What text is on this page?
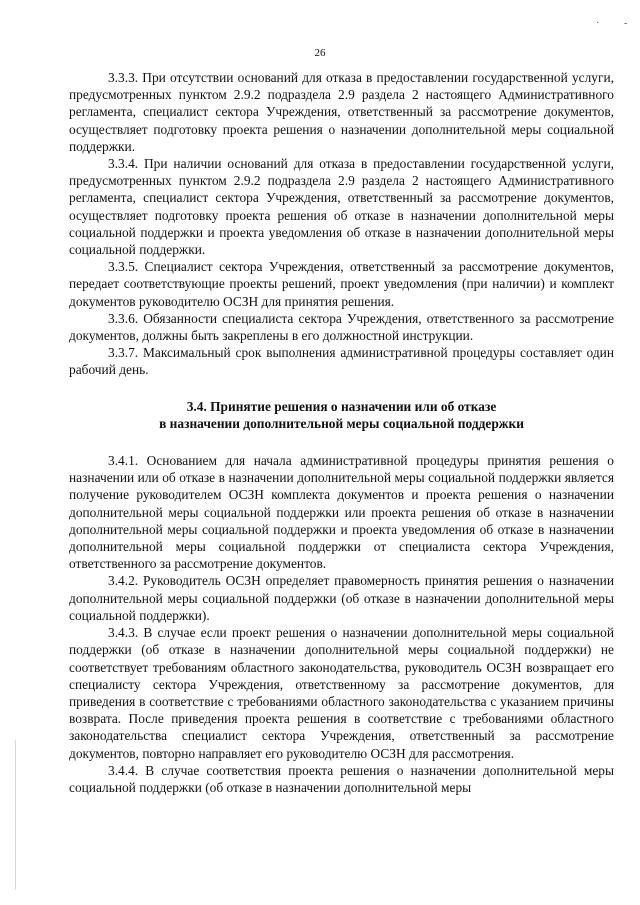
· -
26

3.3.3. При отсутствии оснований для отказа в предоставлении государственной услуги, предусмотренных пунктом 2.9.2 подраздела 2.9 раздела 2 настоящего Административного регламента, специалист сектора Учреждения, ответственный за рассмотрение документов, осуществляет подготовку проекта решения о назначении дополнительной меры социальной поддержки.

3.3.4. При наличии оснований для отказа в предоставлении государственной услуги, предусмотренных пунктом 2.9.2 подраздела 2.9 раздела 2 настоящего Административного регламента, специалист сектора Учреждения, ответственный за рассмотрение документов, осуществляет подготовку проекта решения об отказе в назначении дополнительной меры социальной поддержки и проекта уведомления об отказе в назначении дополнительной меры социальной поддержки.

3.3.5. Специалист сектора Учреждения, ответственный за рассмотрение документов, передает соответствующие проекты решений, проект уведомления (при наличии) и комплект документов руководителю ОСЗН для принятия решения.

3.3.6. Обязанности специалиста сектора Учреждения, ответственного за рассмотрение документов, должны быть закреплены в его должностной инструкции.

3.3.7. Максимальный срок выполнения административной процедуры составляет один рабочий день.

3.4. Принятие решения о назначении или об отказе
в назначении дополнительной меры социальной поддержки

3.4.1. Основанием для начала административной процедуры принятия решения о назначении или об отказе в назначении дополнительной меры социальной поддержки является получение руководителем ОСЗН комплекта документов и проекта решения о назначении дополнительной меры социальной поддержки или проекта решения об отказе в назначении дополнительной меры социальной поддержки и проекта уведомления об отказе в назначении дополнительной меры социальной поддержки от специалиста сектора Учреждения, ответственного за рассмотрение документов.

3.4.2. Руководитель ОСЗН определяет правомерность принятия решения о назначении дополнительной меры социальной поддержки (об отказе в назначении дополнительной меры социальной поддержки).

3.4.3. В случае если проект решения о назначении дополнительной меры социальной поддержки (об отказе в назначении дополнительной меры социальной поддержки) не соответствует требованиям областного законодательства, руководитель ОСЗН возвращает его специалисту сектора Учреждения, ответственному за рассмотрение документов, для приведения в соответствие с требованиями областного законодательства с указанием причины возврата. После приведения проекта решения в соответствие с требованиями областного законодательства специалист сектора Учреждения, ответственный за рассмотрение документов, повторно направляет его руководителю ОСЗН для рассмотрения.

3.4.4. В случае соответствия проекта решения о назначении дополнительной меры социальной поддержки (об отказе в назначении дополнительной меры
